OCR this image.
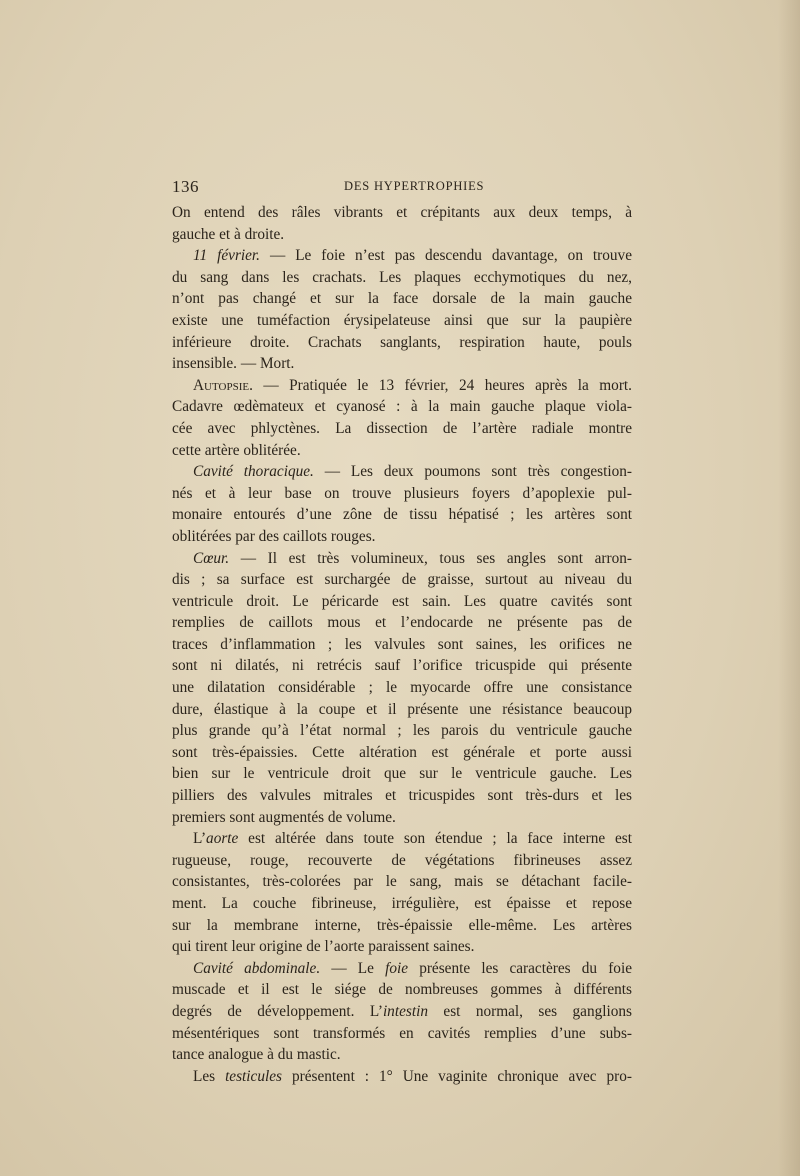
136	DES HYPERTROPHIES
On entend des râles vibrants et crépitants aux deux temps, à
gauche et à droite.
11 février. — Le foie n’est pas descendu davantage, on trouve
du sang dans les crachats. Les plaques ecchymotiques du nez,
n’ont pas changé et sur la face dorsale de la main gauche
existe une tuméfaction érysipelateuse ainsi que sur la paupière
inférieure droite. Crachats sanglants, respiration haute, pouls
insensible. — Mort.
Autopsie. — Pratiquée le 13 février, 24 heures après la mort.
Cadavre œdèmateux et cyanosé : à la main gauche plaque viola-
cée avec phlyctènes. La dissection de l’artère radiale montre
cette artère oblitérée.
Cavité thoracique. — Les deux poumons sont très congestion-
nés et à leur base on trouve plusieurs foyers d’apoplexie pul-
monaire entourés d’une zône de tissu hépatisé ; les artères sont
oblitérées par des caillots rouges.
Cœur. — Il est très volumineux, tous ses angles sont arron-
dis ; sa surface est surchargée de graisse, surtout au niveau du
ventricule droit. Le péricarde est sain. Les quatre cavités sont
remplies de caillots mous et l’endocarde ne présente pas de
traces d’inflammation ; les valvules sont saines, les orifices ne
sont ni dilatés, ni retrécis sauf l’orifice tricuspide qui présente
une dilatation considérable ; le myocarde offre une consistance
dure, élastique à la coupe et il présente une résistance beaucoup
plus grande qu’à l’état normal ; les parois du ventricule gauche
sont très-épaissies. Cette altération est générale et porte aussi
bien sur le ventricule droit que sur le ventricule gauche. Les
pilliers des valvules mitrales et tricuspides sont très-durs et les
premiers sont augmentés de volume.
L’aorte est altérée dans toute son étendue ; la face interne est
rugueuse, rouge, recouverte de végétations fibrineuses assez
consistantes, très-colorées par le sang, mais se détachant facile-
ment. La couche fibrineuse, irrégulière, est épaisse et repose
sur la membrane interne, très-épaissie elle-même. Les artères
qui tirent leur origine de l’aorte paraissent saines.
Cavité abdominale. — Le foie présente les caractères du foie
muscade et il est le siége de nombreuses gommes à différents
degrés de développement. L’intestin est normal, ses ganglions
mésentériques sont transformés en cavités remplies d’une subs-
tance analogue à du mastic.
Les testicules présentent : 1° Une vaginite chronique avec pro-
